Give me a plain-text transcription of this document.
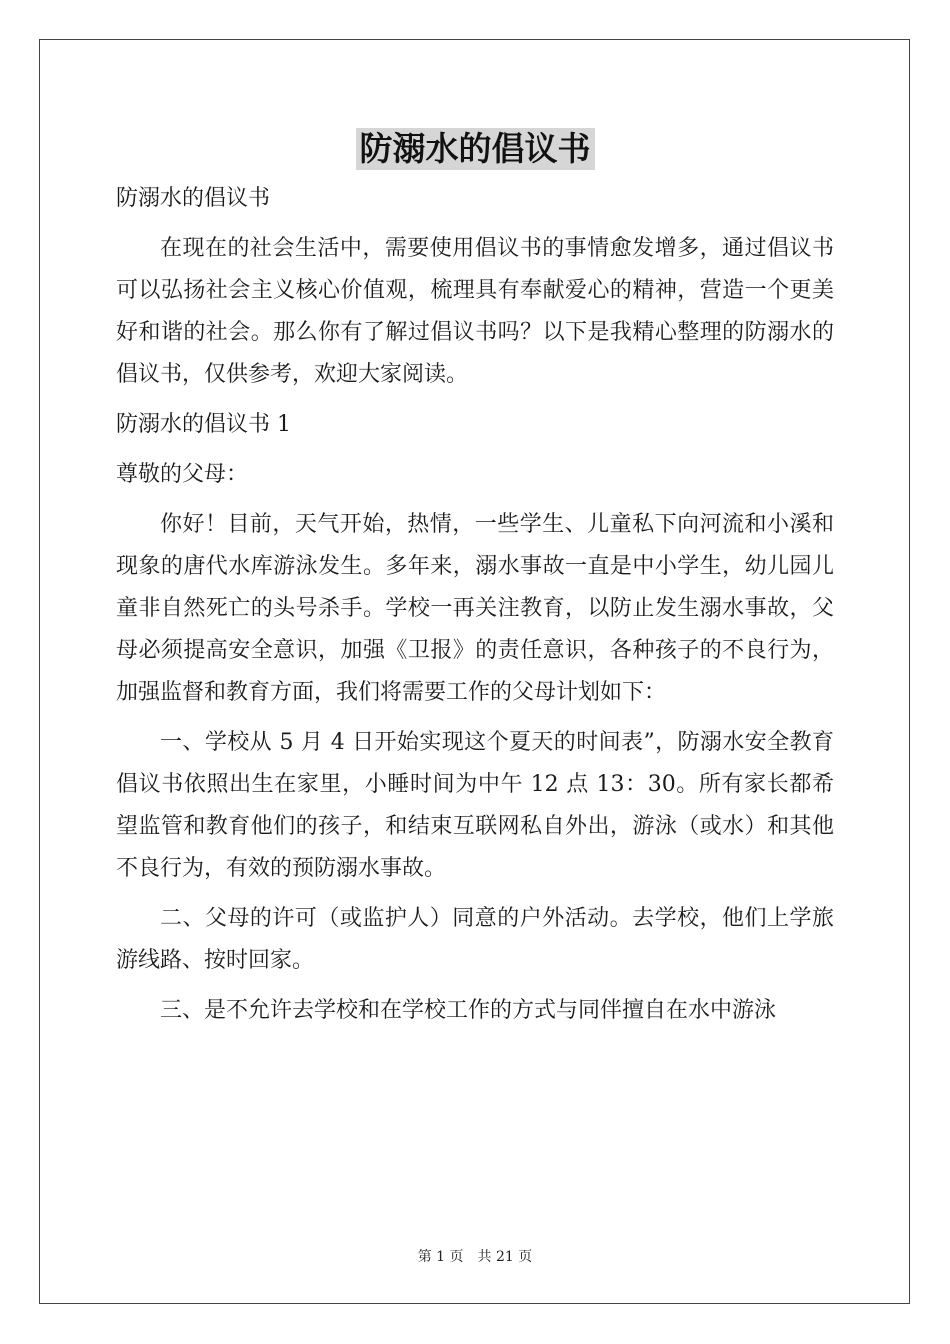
防溺水的倡议书

防溺水的倡议书

在现在的社会生活中，需要使用倡议书的事情愈发增多，通过倡议书可以弘扬社会主义核心价值观，梳理具有奉献爱心的精神，营造一个更美好和谐的社会。那么你有了解过倡议书吗？以下是我精心整理的防溺水的倡议书，仅供参考，欢迎大家阅读。

防溺水的倡议书 1

尊敬的父母：

你好！目前，天气开始，热情，一些学生、儿童私下向河流和小溪和现象的唐代水库游泳发生。多年来，溺水事故一直是中小学生，幼儿园儿童非自然死亡的头号杀手。学校一再关注教育，以防止发生溺水事故，父母必须提高安全意识，加强《卫报》的责任意识，各种孩子的不良行为，加强监督和教育方面，我们将需要工作的父母计划如下：

一、学校从 5 月 4 日开始实现这个夏天的时间表”，防溺水安全教育倡议书依照出生在家里，小睡时间为中午 12 点 13：30。所有家长都希望监管和教育他们的孩子，和结束互联网私自外出，游泳（或水）和其他不良行为，有效的预防溺水事故。

二、父母的许可（或监护人）同意的户外活动。去学校，他们上学旅游线路、按时回家。

三、是不允许去学校和在学校工作的方式与同伴擅自在水中游泳

第 1 页 共 21 页
